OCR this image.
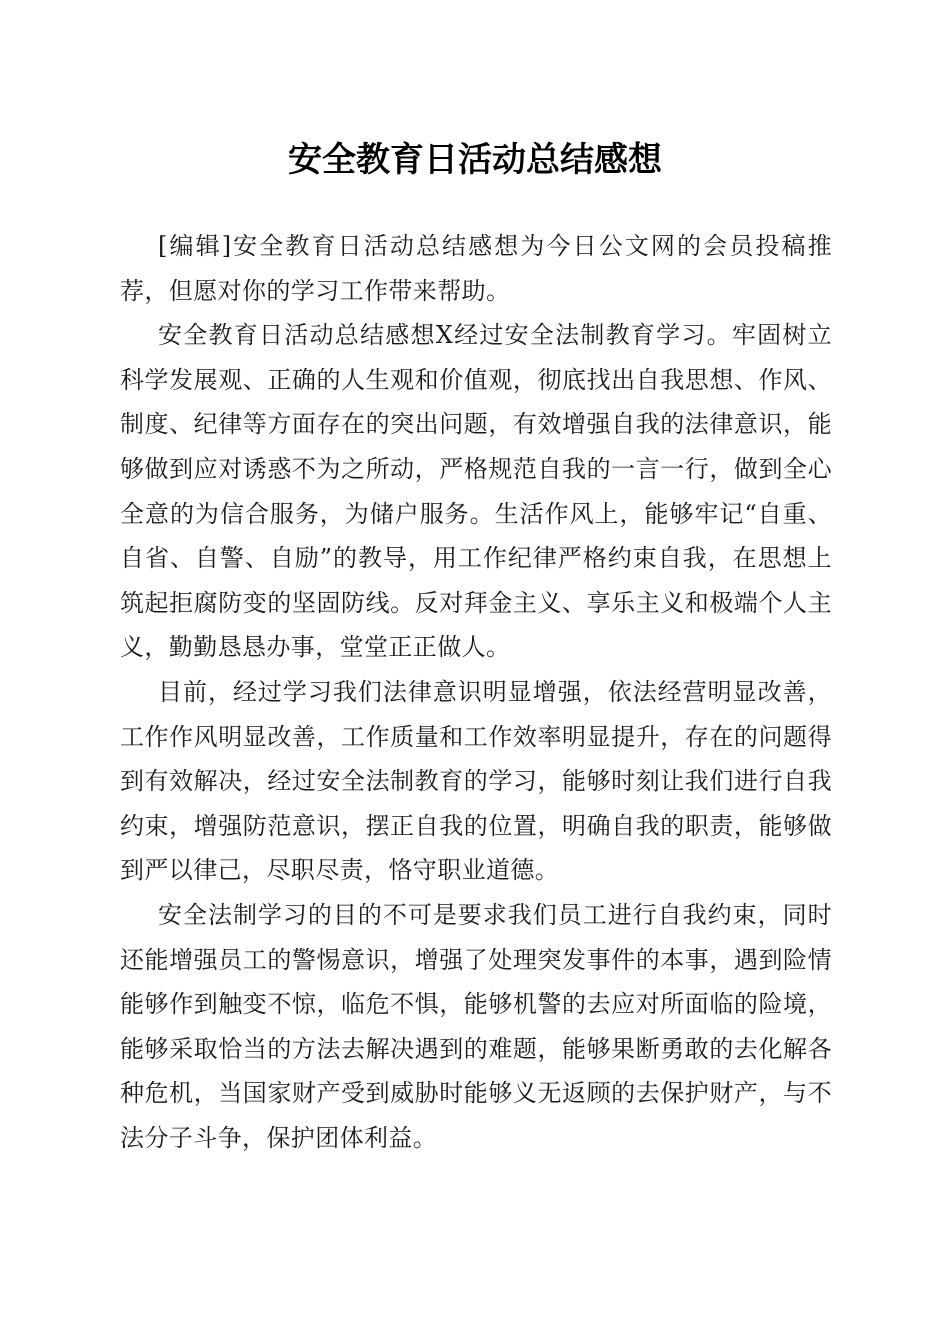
安全教育日活动总结感想

[编辑]安全教育日活动总结感想为今日公文网的会员投稿推荐，但愿对你的学习工作带来帮助。

安全教育日活动总结感想X经过安全法制教育学习。牢固树立科学发展观、正确的人生观和价值观，彻底找出自我思想、作风、制度、纪律等方面存在的突出问题，有效增强自我的法律意识，能够做到应对诱惑不为之所动，严格规范自我的一言一行，做到全心全意的为信合服务，为储户服务。生活作风上，能够牢记“自重、自省、自警、自励”的教导，用工作纪律严格约束自我，在思想上筑起拒腐防变的坚固防线。反对拜金主义、享乐主义和极端个人主义，勤勤恳恳办事，堂堂正正做人。

目前，经过学习我们法律意识明显增强，依法经营明显改善，工作作风明显改善，工作质量和工作效率明显提升，存在的问题得到有效解决，经过安全法制教育的学习，能够时刻让我们进行自我约束，增强防范意识，摆正自我的位置，明确自我的职责，能够做到严以律己，尽职尽责，恪守职业道德。

安全法制学习的目的不可是要求我们员工进行自我约束，同时还能增强员工的警惕意识，增强了处理突发事件的本事，遇到险情能够作到触变不惊，临危不惧，能够机警的去应对所面临的险境，能够采取恰当的方法去解决遇到的难题，能够果断勇敢的去化解各种危机，当国家财产受到威胁时能够义无返顾的去保护财产，与不法分子斗争，保护团体利益。
